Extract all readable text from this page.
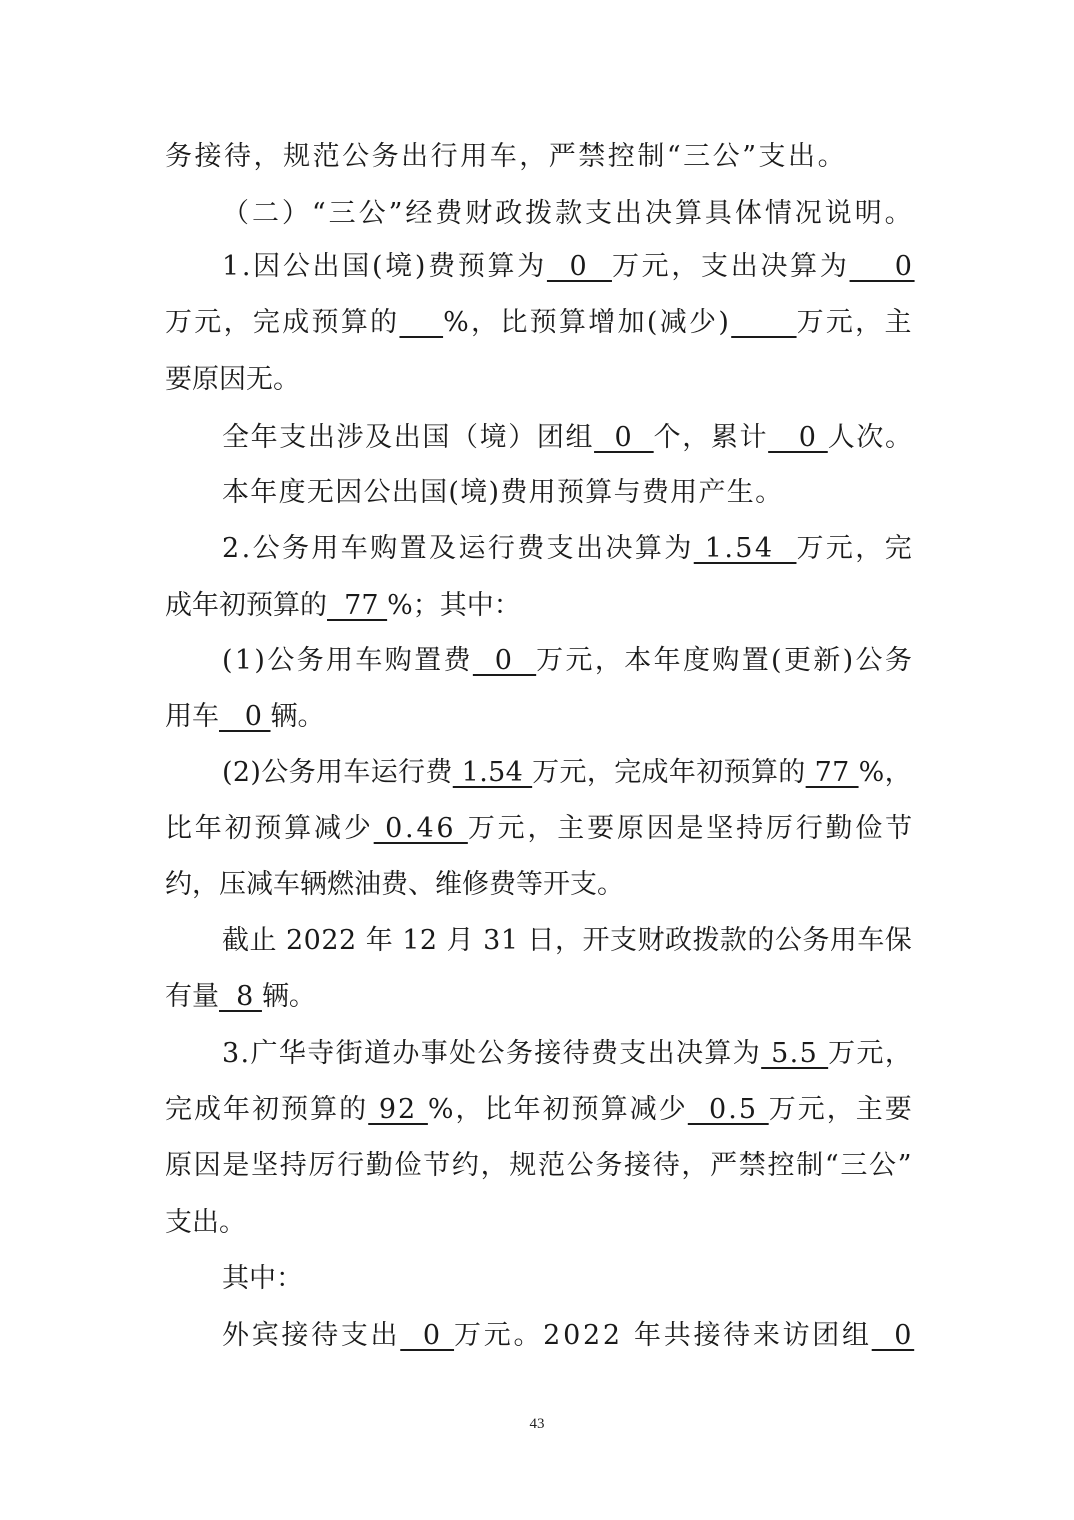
务接待，规范公务出行用车，严禁控制“三公”支出。
（二）“三公”经费财政拨款支出决算具体情况说明。
1.因公出国(境)费预算为  0  万元，支出决算为    0
万元，完成预算的 %，比预算增加(减少) 万元，主
要原因无。
全年支出涉及出国（境）团组  0  个，累计   0 人次。
本年度无因公出国(境)费用预算与费用产生。
2.公务用车购置及运行费支出决算为 1.54  万元，完
成年初预算的  77 %；其中：
(1)公务用车购置费  0  万元，本年度购置(更新)公务
用车   0 辆。
(2)公务用车运行费 1.54 万元，完成年初预算的 77 %，
比年初预算减少 0.46 万元，主要原因是坚持厉行勤俭节
约，压减车辆燃油费、维修费等开支。
截止 2022 年 12 月 31 日，开支财政拨款的公务用车保
有量  8 辆。
3.广华寺街道办事处公务接待费支出决算为 5.5 万元，
完成年初预算的 92 %，比年初预算减少  0.5 万元，主要
原因是坚持厉行勤俭节约，规范公务接待，严禁控制“三公”
支出。
其中：
外宾接待支出  0 万元。2022 年共接待来访团组  0
43
